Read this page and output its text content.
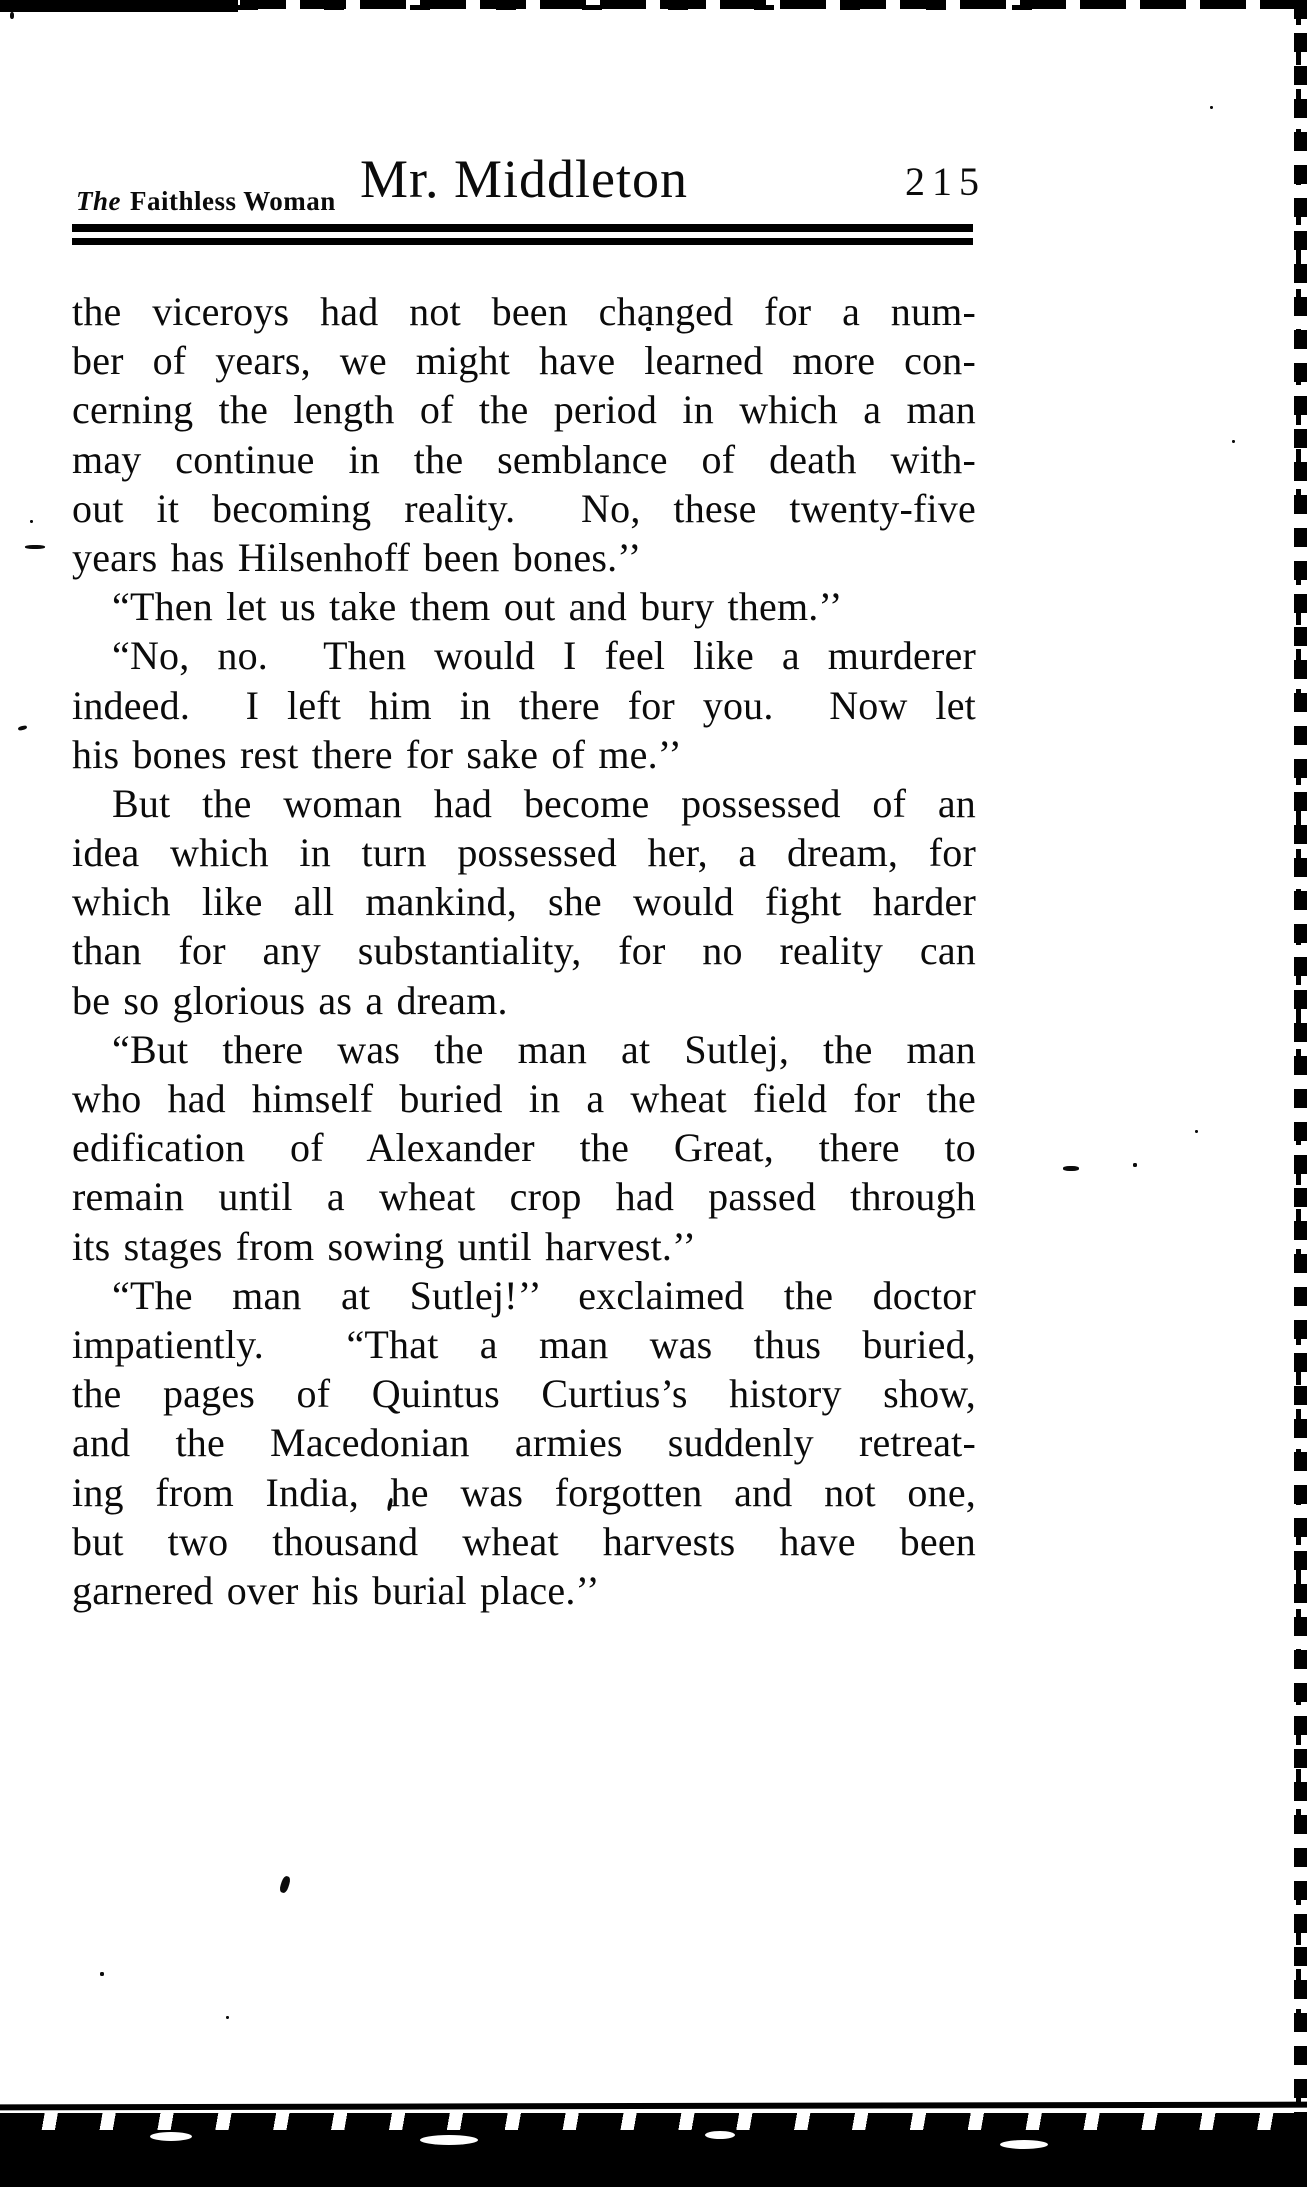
Mr. Middleton	215
The Faithless Woman
the viceroys had not been changed for a num-
ber of years, we might have learned more con-
cerning the length of the period in which a man
may continue in the semblance of death with-
out it becoming reality.  No, these twenty-five
years has Hilsenhoff been bones.’’
“Then let us take them out and bury them.’’
“No, no.  Then would I feel like a murderer
indeed.  I left him in there for you.  Now let
his bones rest there for sake of me.’’
But the woman had become possessed of an
idea which in turn possessed her, a dream, for
which like all mankind, she would fight harder
than for any substantiality, for no reality can
be so glorious as a dream.
“But there was the man at Sutlej, the man
who had himself buried in a wheat field for the
edification of Alexander the Great, there to
remain until a wheat crop had passed through
its stages from sowing until harvest.’’
“The man at Sutlej!’’ exclaimed the doctor
impatiently.  “That a man was thus buried,
the pages of Quintus Curtius’s history show,
and the Macedonian armies suddenly retreat-
ing from India, he was forgotten and not one,
but two thousand wheat harvests have been
garnered over his burial place.’’
